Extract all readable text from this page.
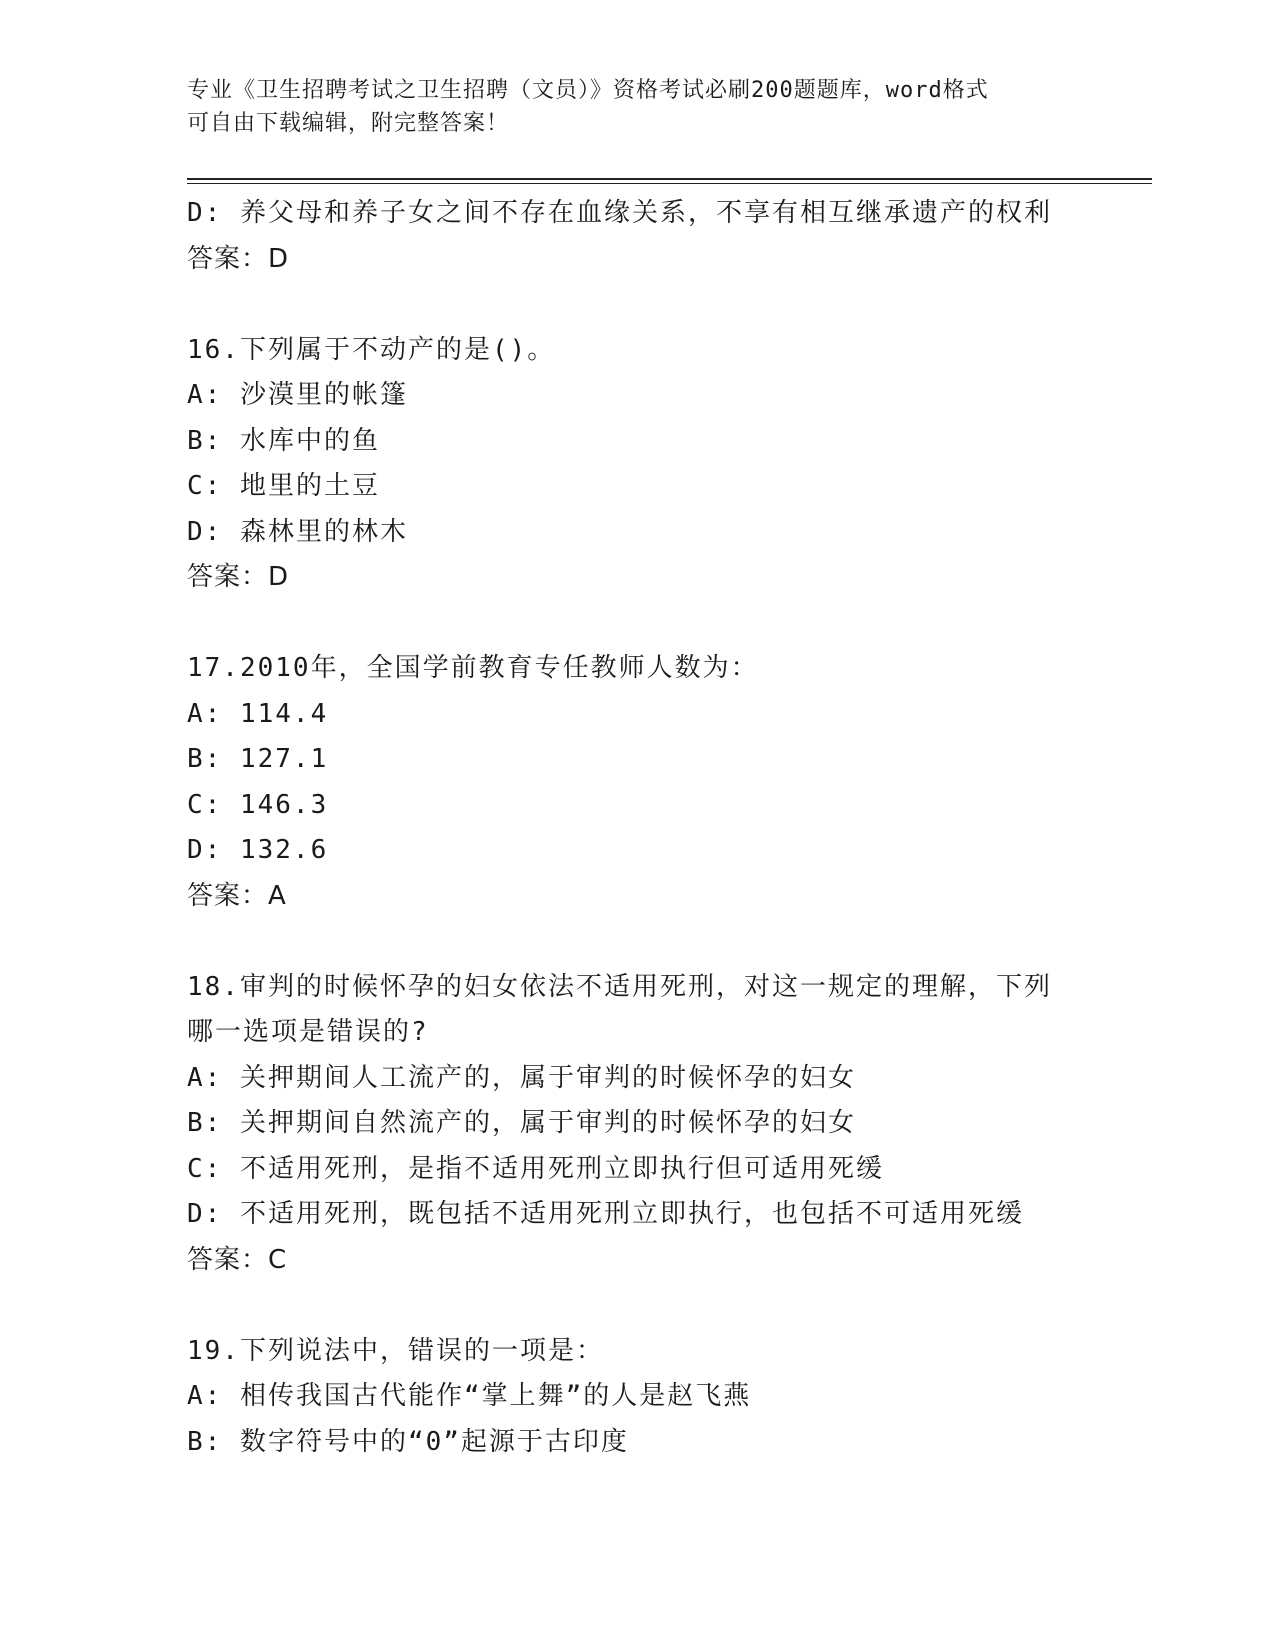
专业《卫生招聘考试之卫生招聘（文员）》资格考试必刷200题题库，word格式
可自由下载编辑，附完整答案！
D: 养父母和养子女之间不存在血缘关系，不享有相互继承遗产的权利
答案：D
16.下列属于不动产的是()。
A: 沙漠里的帐篷
B: 水库中的鱼
C: 地里的土豆
D: 森林里的林木
答案：D
17.2010年，全国学前教育专任教师人数为：
A: 114.4
B: 127.1
C: 146.3
D: 132.6
答案：A
18.审判的时候怀孕的妇女依法不适用死刑，对这一规定的理解，下列
哪一选项是错误的?
A: 关押期间人工流产的，属于审判的时候怀孕的妇女
B: 关押期间自然流产的，属于审判的时候怀孕的妇女
C: 不适用死刑，是指不适用死刑立即执行但可适用死缓
D: 不适用死刑，既包括不适用死刑立即执行，也包括不可适用死缓
答案：C
19.下列说法中，错误的一项是：
A: 相传我国古代能作“掌上舞”的人是赵飞燕
B: 数字符号中的“0”起源于古印度
